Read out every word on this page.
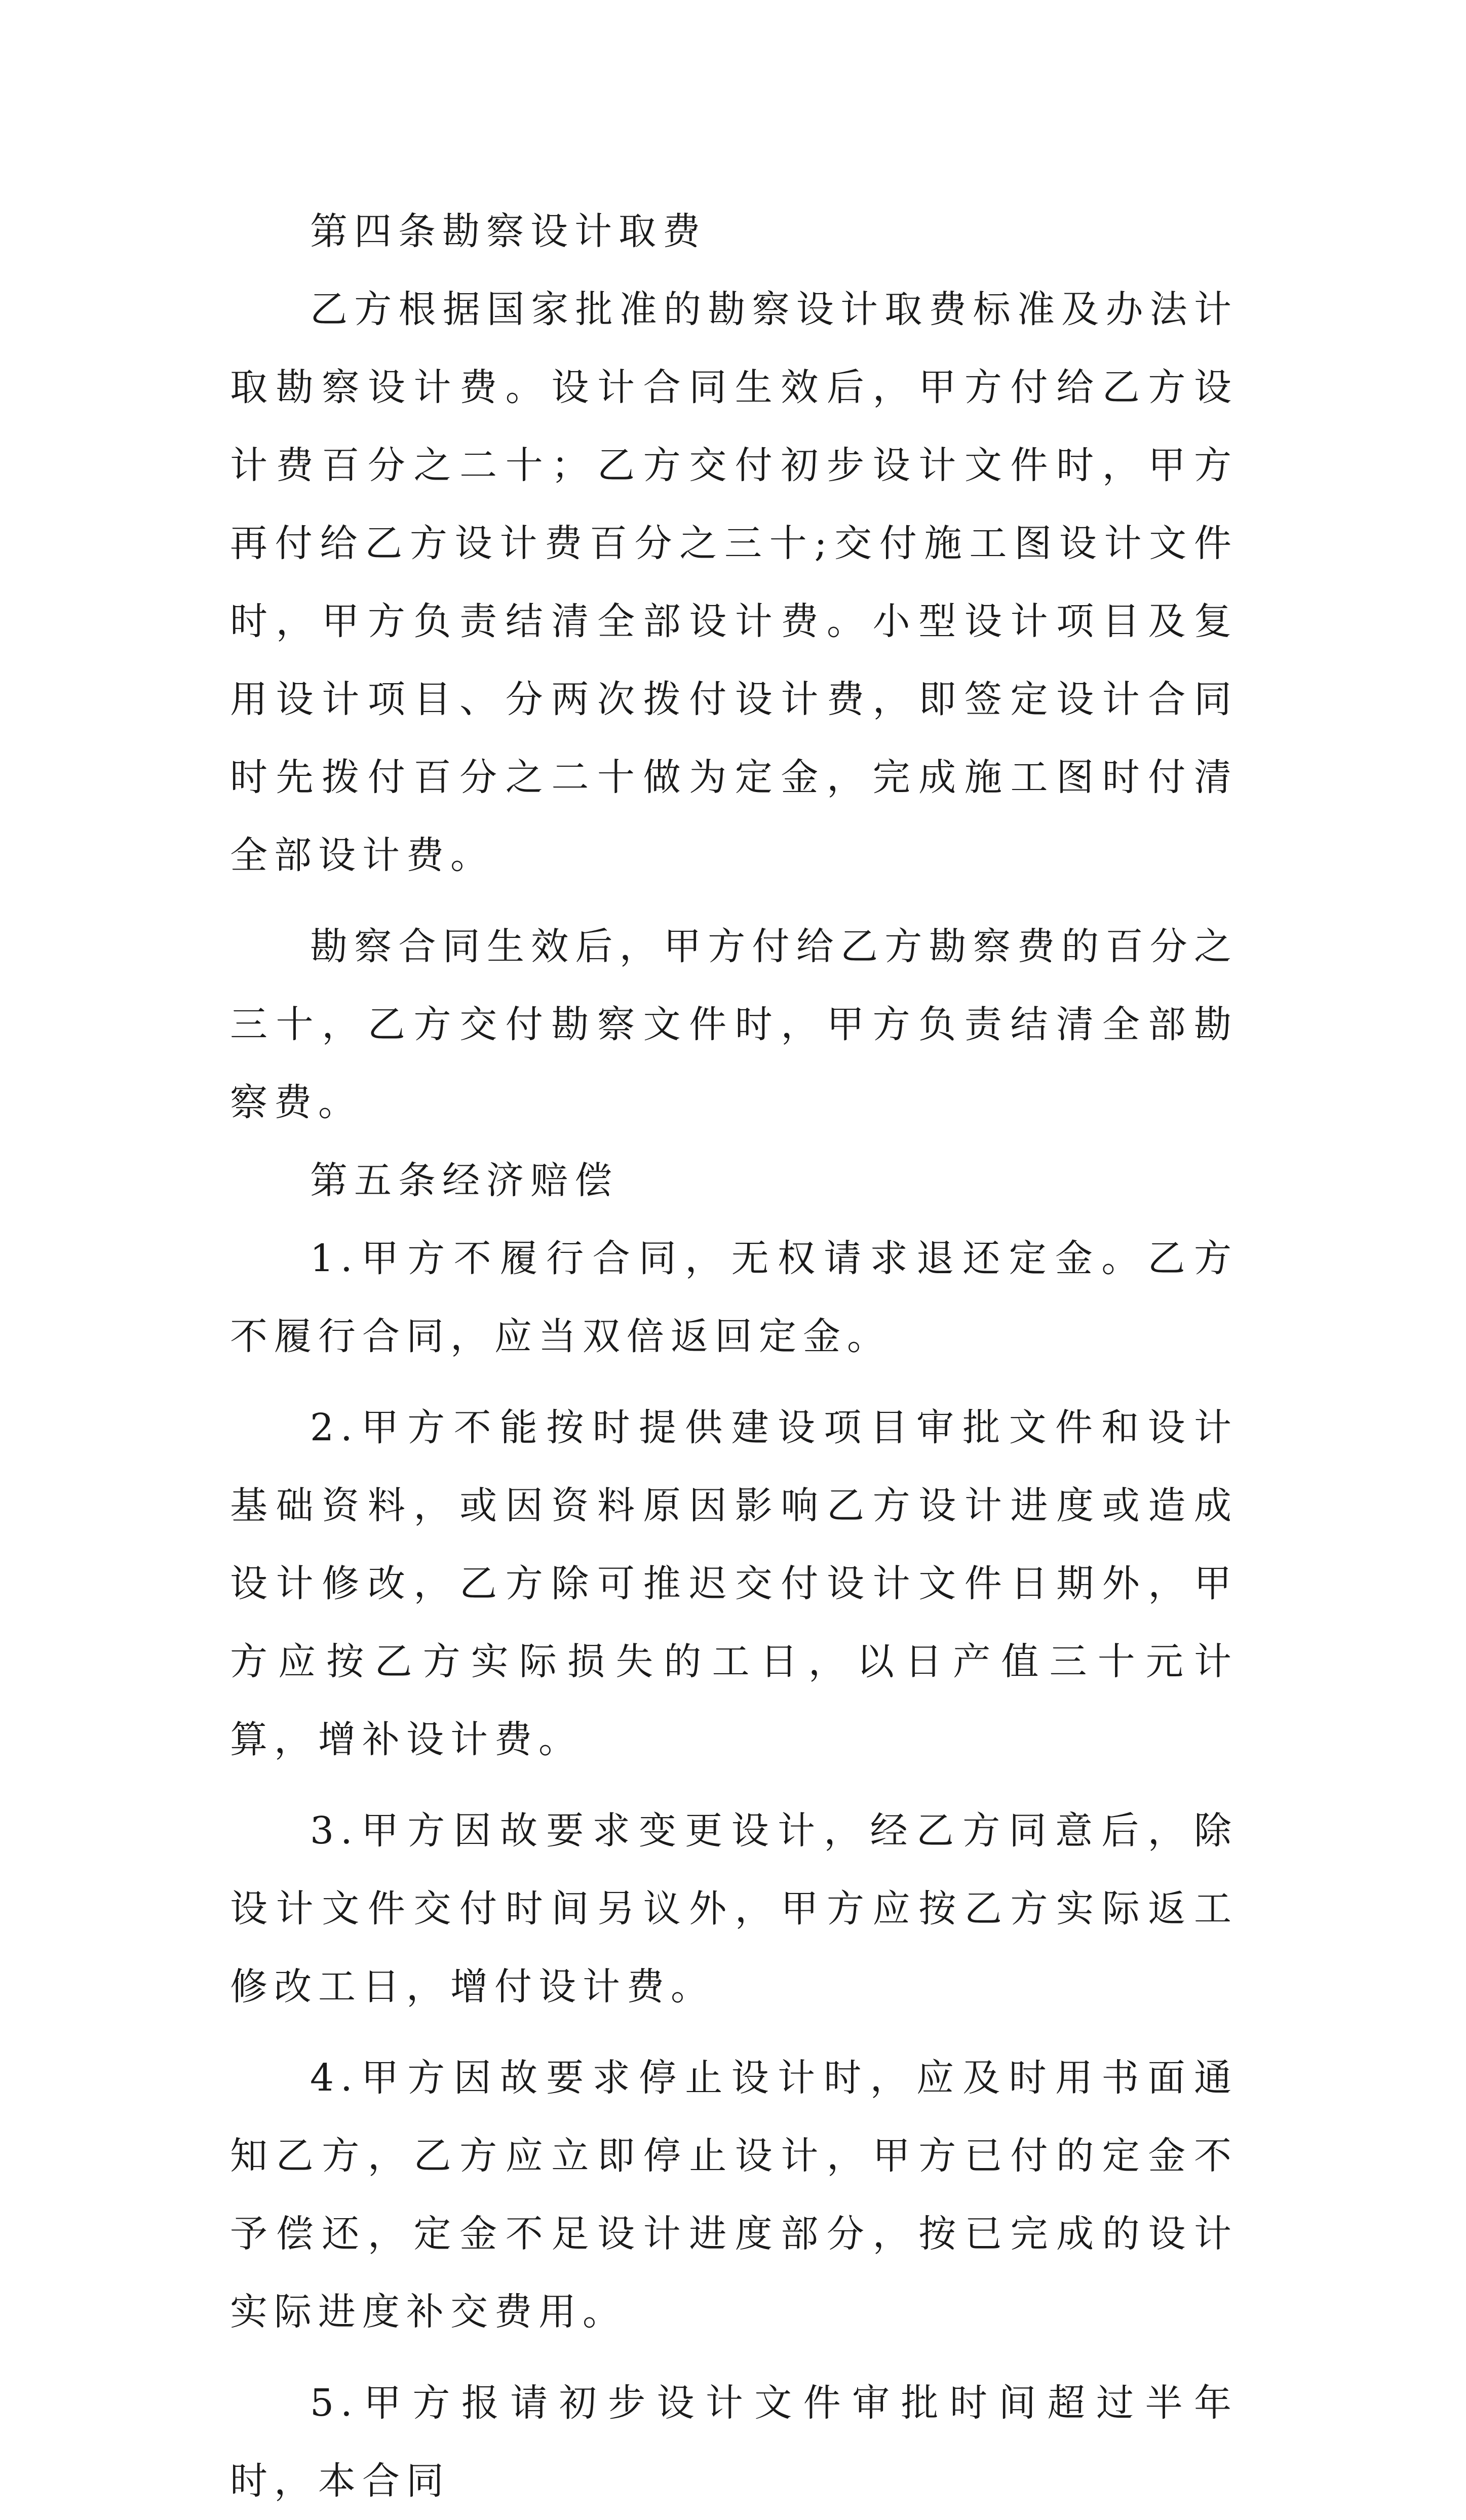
第四条勘察设计取费

乙方根据国家批准的勘察设计取费标准及办法计取勘察设计费。设计合同生效后，甲方付给乙方设计费百分之二十；乙方交付初步设计文件时，甲方再付给乙方设计费百分之三十;交付施工图设计文件时，甲方负责结清全部设计费。小型设计项目及复用设计项目、分两次拨付设计费，即签定设计合同时先拨付百分之二十做为定金，完成施工图时付清全部设计费。

勘察合同生效后，甲方付给乙方勘察费的百分之三十，乙方交付勘察文件时，甲方负责结清全部勘察费。

第五条经济赔偿

1.甲方不履行合同，无权请求退还定金。乙方不履行合同，应当双倍返回定金。

2.甲方不能按时提供建设项目审批文件和设计基础资料，或因资料原因影响乙方设计进度或造成设计修改，乙方除可推迟交付设计文件日期外，甲方应按乙方实际损失的工日，以日产值三十元计算，增补设计费。

3.甲方因故要求变更设计，经乙方同意后，除设计文件交付时间另议外，甲方应按乙方实际返工修改工日，增付设计费。

4.甲方因故要求停止设计时，应及时用书面通知乙方，乙方应立即停止设计，甲方已付的定金不予偿还，定金不足设计进度部分，按已完成的设计实际进度补交费用。

5.甲方报请初步设计文件审批时间超过半年时，本合同
